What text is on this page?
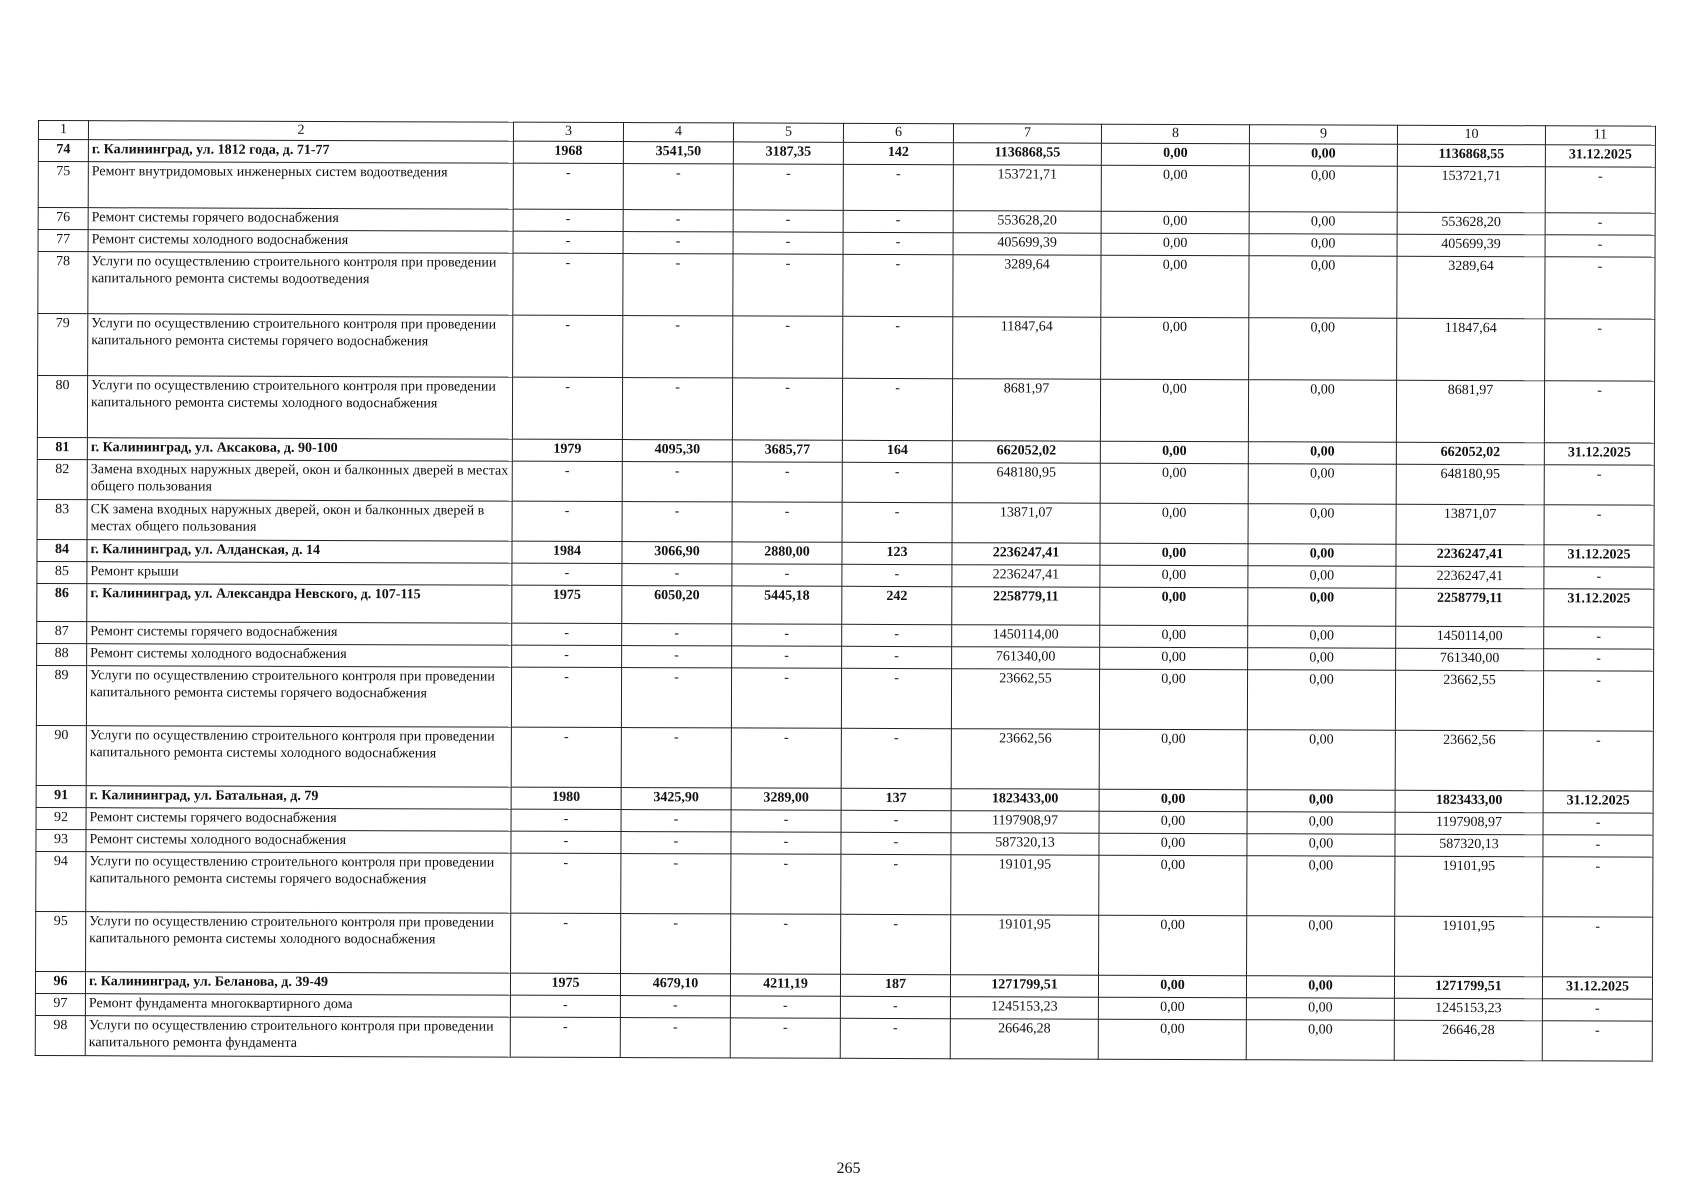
1	2	3	4	5	6	7	8	9	10	11
74	г. Калининград, ул. 1812 года, д. 71-77	1968	3541,50	3187,35	142	1136868,55	0,00	0,00	1136868,55	31.12.2025
75	Ремонт внутридомовых инженерных систем водоотведения	-	-	-	-	153721,71	0,00	0,00	153721,71	-
76	Ремонт системы горячего водоснабжения	-	-	-	-	553628,20	0,00	0,00	553628,20	-
77	Ремонт системы холодного водоснабжения	-	-	-	-	405699,39	0,00	0,00	405699,39	-
78	Услуги по осуществлению строительного контроля при проведении капитального ремонта системы водоотведения	-	-	-	-	3289,64	0,00	0,00	3289,64	-
79	Услуги по осуществлению строительного контроля при проведении капитального ремонта системы горячего водоснабжения	-	-	-	-	11847,64	0,00	0,00	11847,64	-
80	Услуги по осуществлению строительного контроля при проведении капитального ремонта системы холодного водоснабжения	-	-	-	-	8681,97	0,00	0,00	8681,97	-
81	г. Калининград, ул. Аксакова, д. 90-100	1979	4095,30	3685,77	164	662052,02	0,00	0,00	662052,02	31.12.2025
82	Замена входных наружных дверей, окон и балконных дверей в местах общего пользования	-	-	-	-	648180,95	0,00	0,00	648180,95	-
83	СК замена входных наружных дверей, окон и балконных дверей в местах общего пользования	-	-	-	-	13871,07	0,00	0,00	13871,07	-
84	г. Калининград, ул. Алданская, д. 14	1984	3066,90	2880,00	123	2236247,41	0,00	0,00	2236247,41	31.12.2025
85	Ремонт крыши	-	-	-	-	2236247,41	0,00	0,00	2236247,41	-
86	г. Калининград, ул. Александра Невского, д. 107-115	1975	6050,20	5445,18	242	2258779,11	0,00	0,00	2258779,11	31.12.2025
87	Ремонт системы горячего водоснабжения	-	-	-	-	1450114,00	0,00	0,00	1450114,00	-
88	Ремонт системы холодного водоснабжения	-	-	-	-	761340,00	0,00	0,00	761340,00	-
89	Услуги по осуществлению строительного контроля при проведении капитального ремонта системы горячего водоснабжения	-	-	-	-	23662,55	0,00	0,00	23662,55	-
90	Услуги по осуществлению строительного контроля при проведении капитального ремонта системы холодного водоснабжения	-	-	-	-	23662,56	0,00	0,00	23662,56	-
91	г. Калининград, ул. Батальная, д. 79	1980	3425,90	3289,00	137	1823433,00	0,00	0,00	1823433,00	31.12.2025
92	Ремонт системы горячего водоснабжения	-	-	-	-	1197908,97	0,00	0,00	1197908,97	-
93	Ремонт системы холодного водоснабжения	-	-	-	-	587320,13	0,00	0,00	587320,13	-
94	Услуги по осуществлению строительного контроля при проведении капитального ремонта системы горячего водоснабжения	-	-	-	-	19101,95	0,00	0,00	19101,95	-
95	Услуги по осуществлению строительного контроля при проведении капитального ремонта системы холодного водоснабжения	-	-	-	-	19101,95	0,00	0,00	19101,95	-
96	г. Калининград, ул. Беланова, д. 39-49	1975	4679,10	4211,19	187	1271799,51	0,00	0,00	1271799,51	31.12.2025
97	Ремонт фундамента многоквартирного дома	-	-	-	-	1245153,23	0,00	0,00	1245153,23	-
98	Услуги по осуществлению строительного контроля при проведении капитального ремонта фундамента	-	-	-	-	26646,28	0,00	0,00	26646,28	-
265
